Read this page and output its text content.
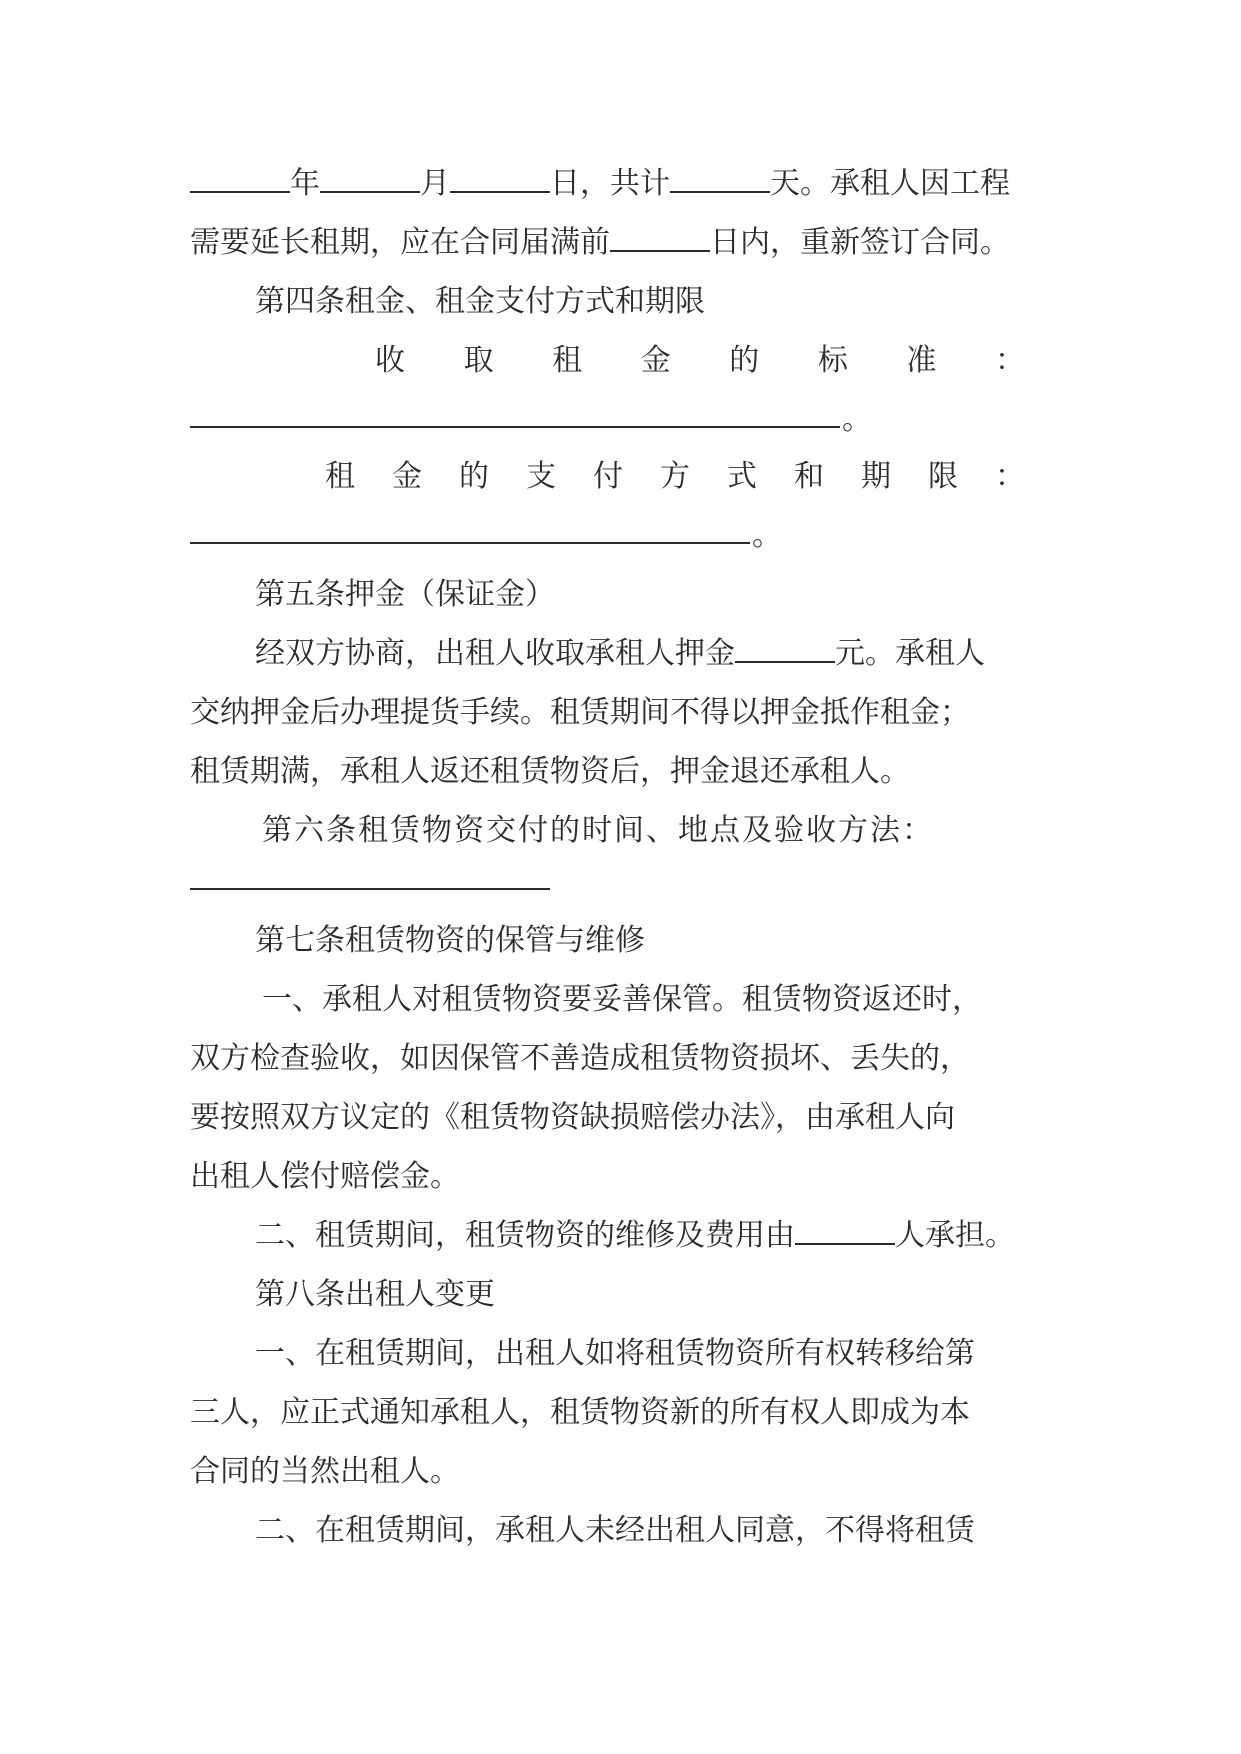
年	月	日，共计	天。承租人因工程
需要延长租期，应在合同届满前	日内，重新签订合同。
第四条租金、租金支付方式和期限
收 取 租 金 的 标 准 ：
。
租 金 的 支 付 方 式 和 期 限 ：
。
第五条押金（保证金）
经双方协商，出租人收取承租人押金	元。承租人
交纳押金后办理提货手续。租赁期间不得以押金抵作租金；
租赁期满，承租人返还租赁物资后，押金退还承租人。
第六条租赁物资交付的时间、地点及验收方法：
第七条租赁物资的保管与维修
一、承租人对租赁物资要妥善保管。租赁物资返还时，
双方检查验收，如因保管不善造成租赁物资损坏、丢失的，
要按照双方议定的《租赁物资缺损赔偿办法》，由承租人向
出租人偿付赔偿金。
二、租赁期间，租赁物资的维修及费用由	人承担。
第八条出租人变更
一、在租赁期间，出租人如将租赁物资所有权转移给第
三人，应正式通知承租人，租赁物资新的所有权人即成为本
合同的当然出租人。
二、在租赁期间，承租人未经出租人同意，不得将租赁
